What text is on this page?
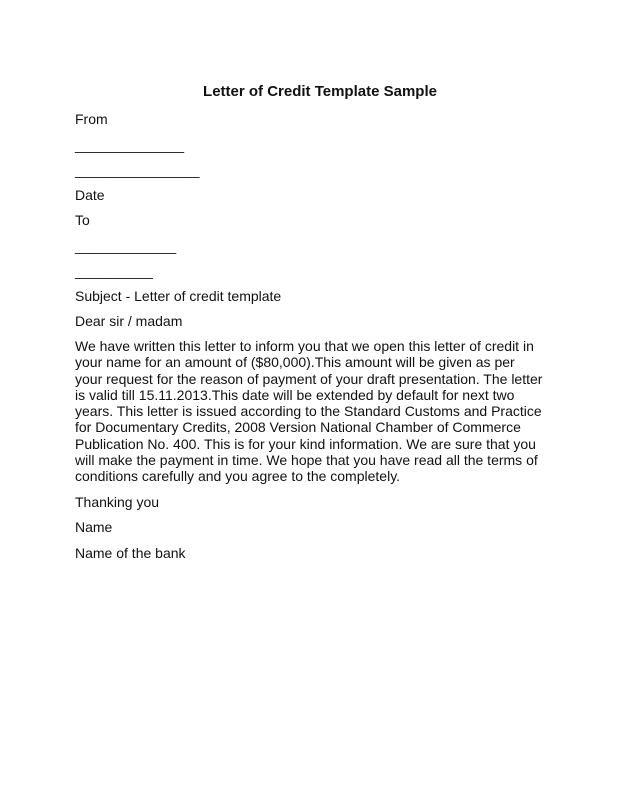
Letter of Credit Template Sample
From
______________
________________
Date
To
_____________
__________
Subject - Letter of credit template
Dear sir / madam
We have written this letter to inform you that we open this letter of credit in
your name for an amount of ($80,000).This amount will be given as per
your request for the reason of payment of your draft presentation. The letter
is valid till 15.11.2013.This date will be extended by default for next two
years. This letter is issued according to the Standard Customs and Practice
for Documentary Credits, 2008 Version National Chamber of Commerce
Publication No. 400. This is for your kind information. We are sure that you
will make the payment in time. We hope that you have read all the terms of
conditions carefully and you agree to the completely.
Thanking you
Name
Name of the bank
